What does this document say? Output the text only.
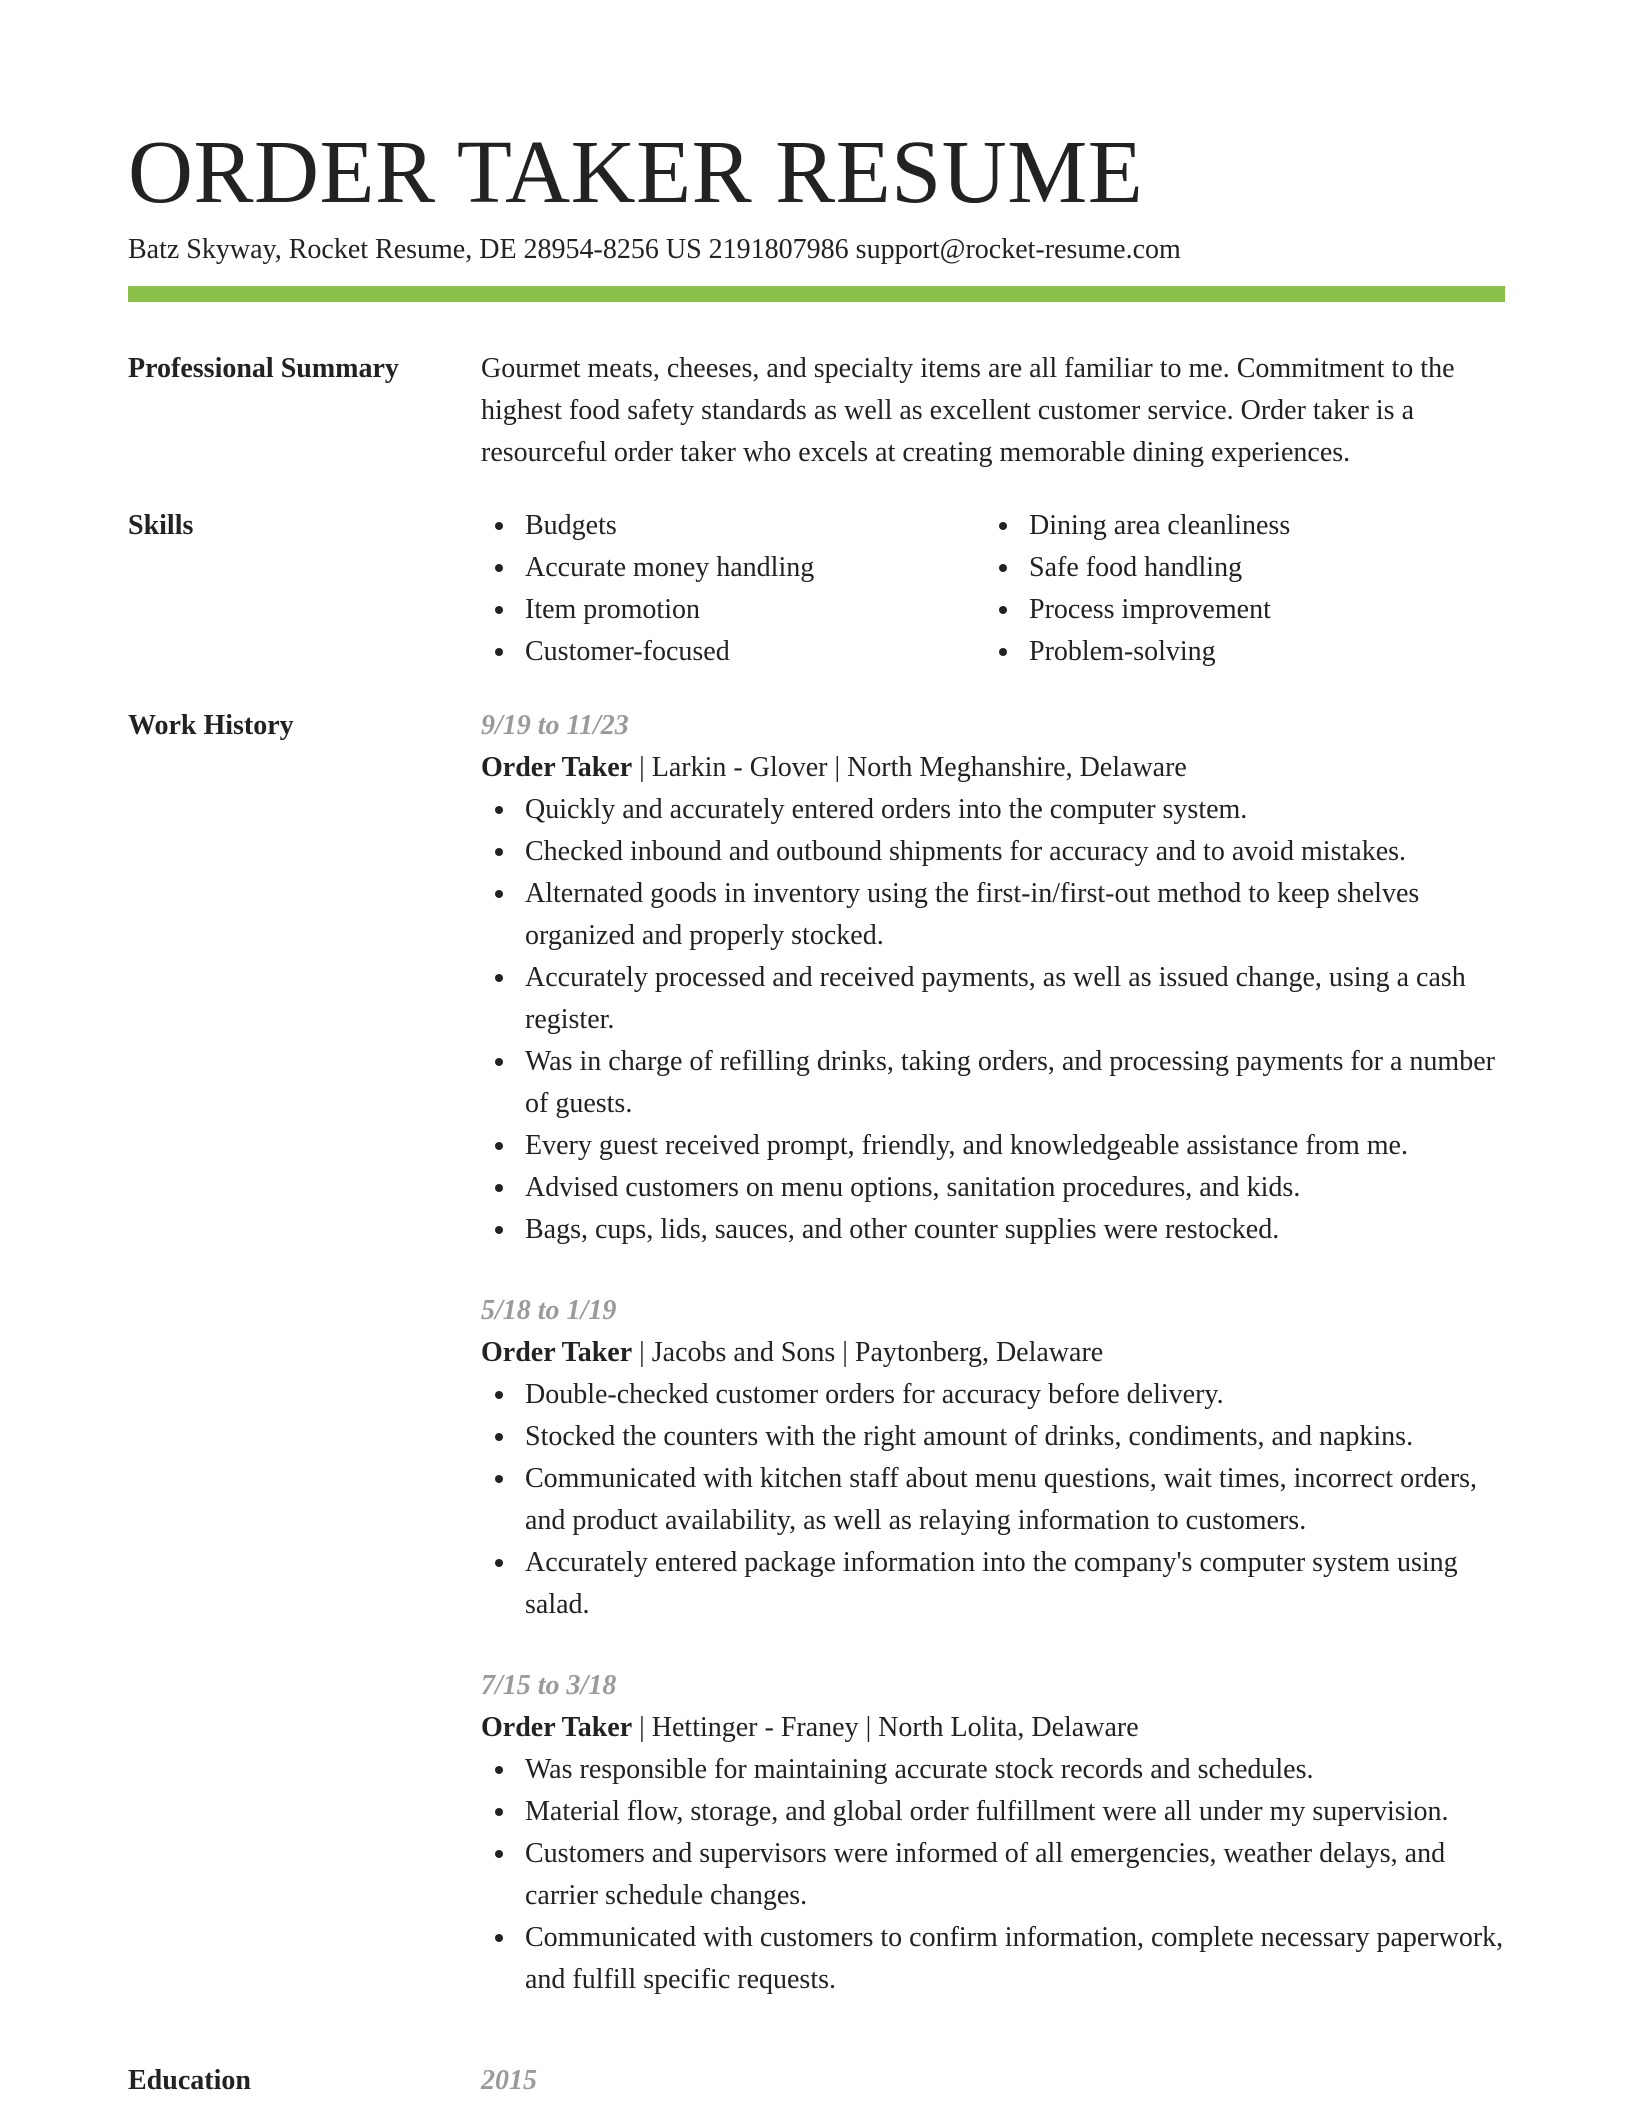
ORDER TAKER RESUME
Batz Skyway, Rocket Resume, DE 28954-8256 US 2191807986 support@rocket-resume.com
Professional Summary	Gourmet meats, cheeses, and specialty items are all familiar to me. Commitment to the highest food safety standards as well as excellent customer service. Order taker is a resourceful order taker who excels at creating memorable dining experiences.

Skills	Budgets
Accurate money handling
Item promotion
Customer-focused
Dining area cleanliness
Safe food handling
Process improvement
Problem-solving
Work History	9/19 to 11/23
Order Taker | Larkin - Glover | North Meghanshire, Delaware
Quickly and accurately entered orders into the computer system.
Checked inbound and outbound shipments for accuracy and to avoid mistakes.
Alternated goods in inventory using the first-in/first-out method to keep shelves organized and properly stocked.
Accurately processed and received payments, as well as issued change, using a cash register.
Was in charge of refilling drinks, taking orders, and processing payments for a number of guests.
Every guest received prompt, friendly, and knowledgeable assistance from me.
Advised customers on menu options, sanitation procedures, and kids.
Bags, cups, lids, sauces, and other counter supplies were restocked.
5/18 to 1/19
Order Taker | Jacobs and Sons | Paytonberg, Delaware
Double-checked customer orders for accuracy before delivery.
Stocked the counters with the right amount of drinks, condiments, and napkins.
Communicated with kitchen staff about menu questions, wait times, incorrect orders, and product availability, as well as relaying information to customers.
Accurately entered package information into the company's computer system using salad.
7/15 to 3/18
Order Taker | Hettinger - Franey | North Lolita, Delaware
Was responsible for maintaining accurate stock records and schedules.
Material flow, storage, and global order fulfillment were all under my supervision.
Customers and supervisors were informed of all emergencies, weather delays, and carrier schedule changes.
Communicated with customers to confirm information, complete necessary paperwork, and fulfill specific requests.
Education	2015
